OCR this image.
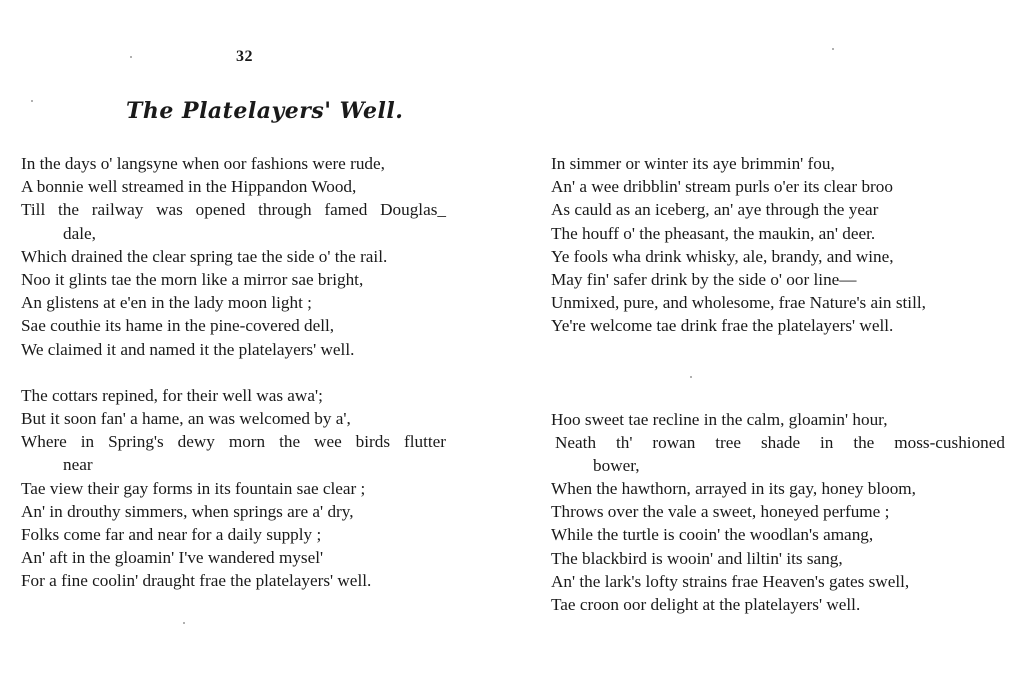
32
The Platelayers' Well.
In the days o' langsyne when oor fashions were rude,
A bonnie well streamed in the Hippandon Wood,
Till the railway was opened through famed Douglas_
dale,
Which drained the clear spring tae the side o' the rail.
Noo it glints tae the morn like a mirror sae bright,
An glistens at e'en in the lady moon light ;
Sae couthie its hame in the pine-covered dell,
We claimed it and named it the platelayers' well.
The cottars repined, for their well was awa';
But it soon fan' a hame, an was welcomed by a',
Where in Spring's dewy morn the wee birds flutter
near
Tae view their gay forms in its fountain sae clear ;
An' in drouthy simmers, when springs are a' dry,
Folks come far and near for a daily supply ;
An' aft in the gloamin' I've wandered mysel'
For a fine coolin' draught frae the platelayers' well.
In simmer or winter its aye brimmin' fou,
An' a wee dribblin' stream purls o'er its clear broo
As cauld as an iceberg, an' aye through the year
The houff o' the pheasant, the maukin, an' deer.
Ye fools wha drink whisky, ale, brandy, and wine,
May fin' safer drink by the side o' oor line—
Unmixed, pure, and wholesome, frae Nature's ain still,
Ye're welcome tae drink frae the platelayers' well.
Hoo sweet tae recline in the calm, gloamin' hour,
Neath th' rowan tree shade in the moss-cushioned
bower,
When the hawthorn, arrayed in its gay, honey bloom,
Throws over the vale a sweet, honeyed perfume ;
While the turtle is cooin' the woodlan's amang,
The blackbird is wooin' and liltin' its sang,
An' the lark's lofty strains frae Heaven's gates swell,
Tae croon oor delight at the platelayers' well.
